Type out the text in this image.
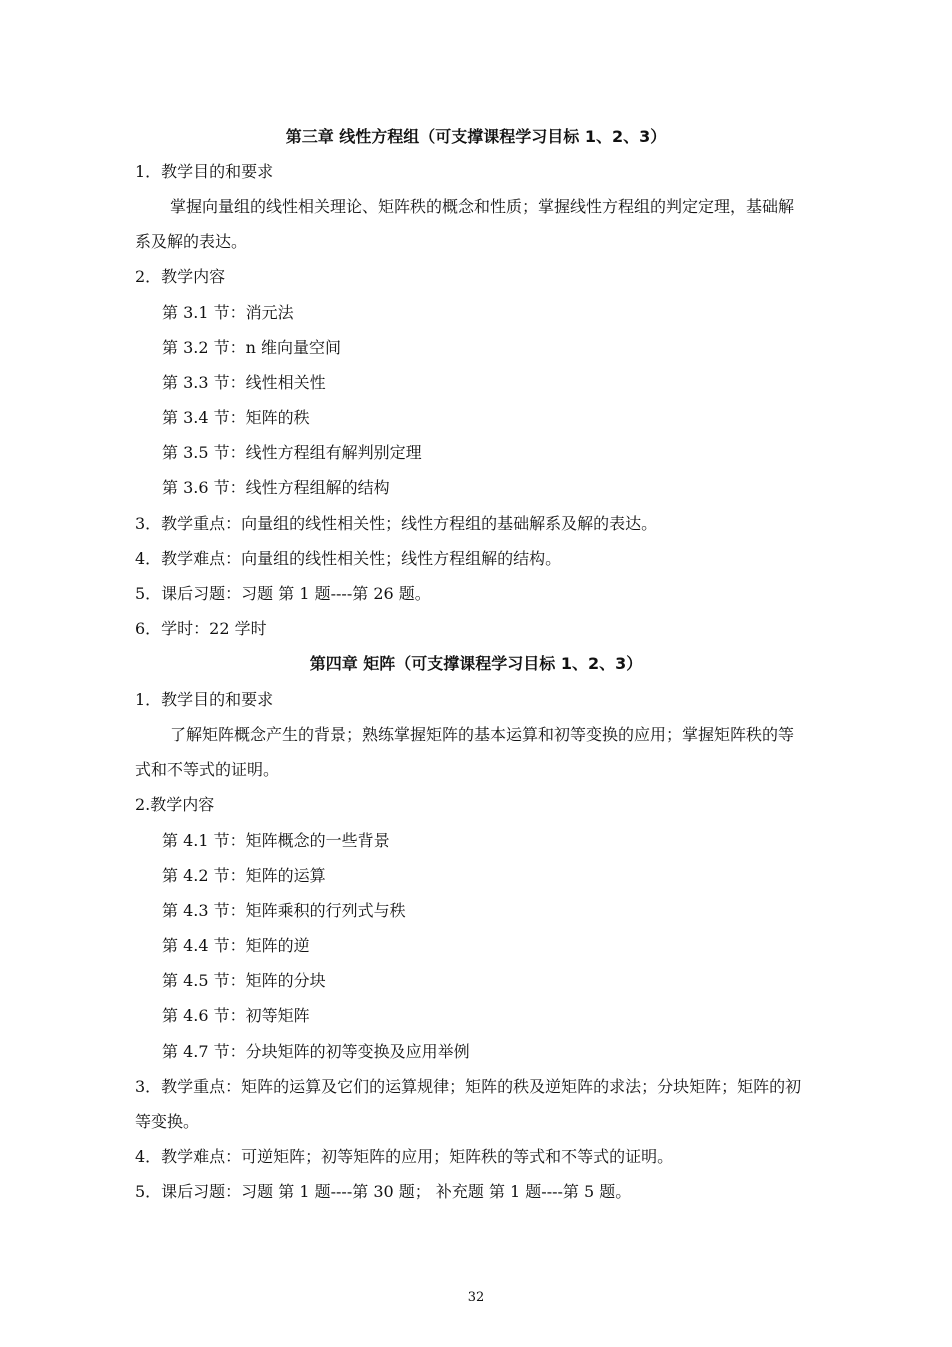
第三章 线性方程组（可支撑课程学习目标 1、2、3）
1．教学目的和要求
掌握向量组的线性相关理论、矩阵秩的概念和性质；掌握线性方程组的判定定理，基础解
系及解的表达。
2．教学内容
第 3.1 节：消元法
第 3.2 节：n 维向量空间
第 3.3 节：线性相关性
第 3.4 节：矩阵的秩
第 3.5 节：线性方程组有解判别定理
第 3.6 节：线性方程组解的结构
3．教学重点：向量组的线性相关性；线性方程组的基础解系及解的表达。
4．教学难点：向量组的线性相关性；线性方程组解的结构。
5．课后习题：习题 第 1 题----第 26 题。
6．学时：22 学时
第四章 矩阵（可支撑课程学习目标 1、2、3）
1．教学目的和要求
了解矩阵概念产生的背景；熟练掌握矩阵的基本运算和初等变换的应用；掌握矩阵秩的等
式和不等式的证明。
2.教学内容
第 4.1 节：矩阵概念的一些背景
第 4.2 节：矩阵的运算
第 4.3 节：矩阵乘积的行列式与秩
第 4.4 节：矩阵的逆
第 4.5 节：矩阵的分块
第 4.6 节：初等矩阵
第 4.7 节：分块矩阵的初等变换及应用举例
3．教学重点：矩阵的运算及它们的运算规律；矩阵的秩及逆矩阵的求法；分块矩阵；矩阵的初
等变换。
4．教学难点：可逆矩阵；初等矩阵的应用；矩阵秩的等式和不等式的证明。
5．课后习题：习题 第 1 题----第 30 题； 补充题 第 1 题----第 5 题。
32
